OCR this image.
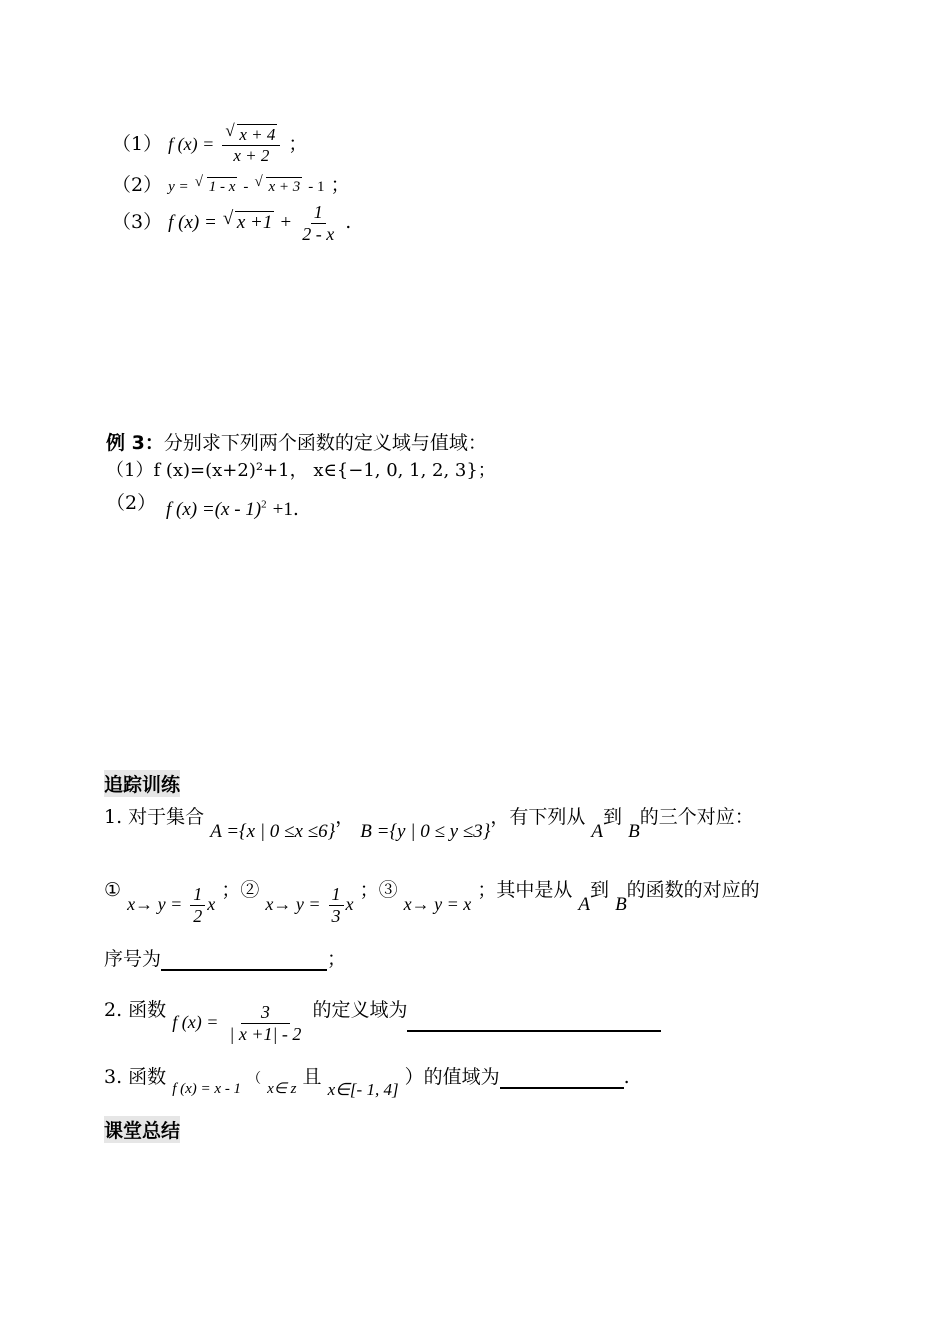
（1） f $(x) = \frac{√ x + 4}{x + 2}$ ；
（2） y = √ 1 - x - √ x + 3 - 1 ；
（3） f (x) = √ $x +1 + \frac{1}{2 - x}$ .
例 3：分别求下列两个函数的定义域与值域：
（1）f (x)=(x+2)²+1， x∈{−1, 0, 1, 2, 3}；
（2） f (x) =(x - 1)$^2$ +1.
追踪训练
1. 对于集合 A ={x | 0 ≤x ≤6}， B ={y | 0 ≤ y ≤3}，有下列从 A到 B的三个对应：
① $x\to y = \frac{1}{2}$ x ；② $x\to y = \frac{1}{3}$ x ；③ x→ y = x ；其中是从 A到 B的函数的对应的
序号为	；
2. 函数 f $(x) = \frac{3}{| x +1| - 2}$ 的定义域为
3. 函数 $_{f (x) = x - 1}$ （ $_{x\in z}$ 且 x∈[- 1, 4] ）的值域为	.
课堂总结
